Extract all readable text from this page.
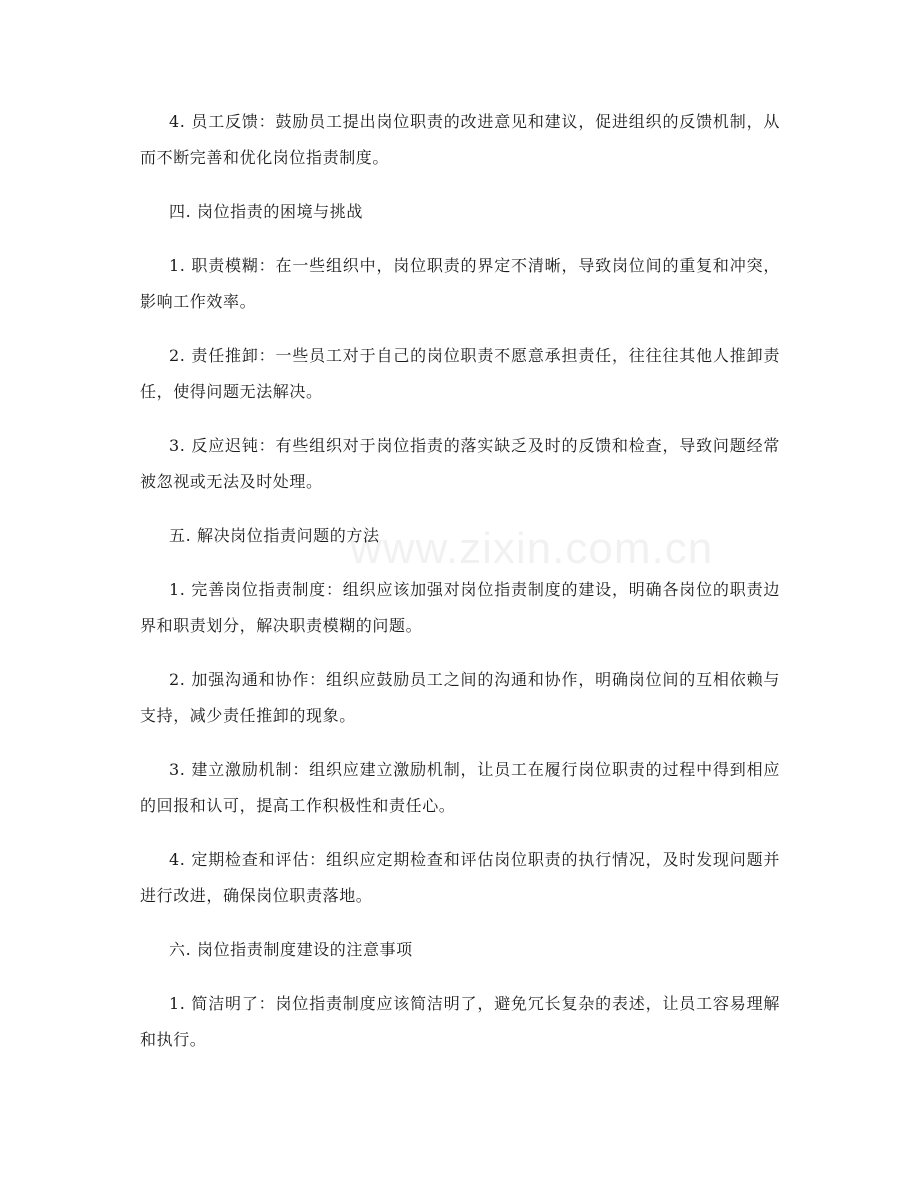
4. 员工反馈：鼓励员工提出岗位职责的改进意见和建议，促进组织的反馈机制，从而不断完善和优化岗位指责制度。

四. 岗位指责的困境与挑战

1. 职责模糊：在一些组织中，岗位职责的界定不清晰，导致岗位间的重复和冲突，影响工作效率。

2. 责任推卸：一些员工对于自己的岗位职责不愿意承担责任，往往往其他人推卸责任，使得问题无法解决。

3. 反应迟钝：有些组织对于岗位指责的落实缺乏及时的反馈和检查，导致问题经常被忽视或无法及时处理。

五. 解决岗位指责问题的方法

1. 完善岗位指责制度：组织应该加强对岗位指责制度的建设，明确各岗位的职责边界和职责划分，解决职责模糊的问题。

2. 加强沟通和协作：组织应鼓励员工之间的沟通和协作，明确岗位间的互相依赖与支持，减少责任推卸的现象。

3. 建立激励机制：组织应建立激励机制，让员工在履行岗位职责的过程中得到相应的回报和认可，提高工作积极性和责任心。

4. 定期检查和评估：组织应定期检查和评估岗位职责的执行情况，及时发现问题并进行改进，确保岗位职责落地。

六. 岗位指责制度建设的注意事项

1. 简洁明了：岗位指责制度应该简洁明了，避免冗长复杂的表述，让员工容易理解和执行。

www.zixin.com.cn
